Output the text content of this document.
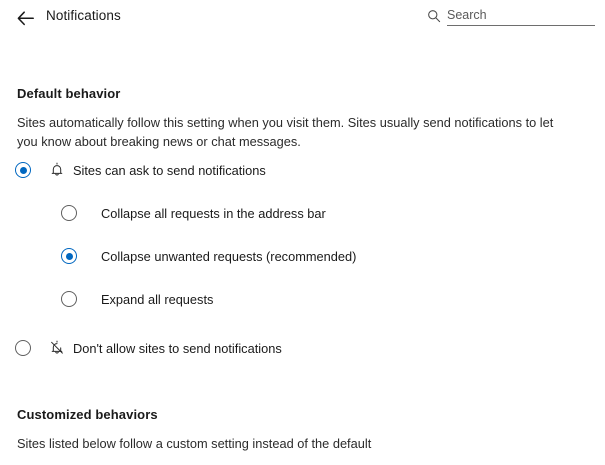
Notifications
Search
Default behavior
Sites automatically follow this setting when you visit them. Sites usually send notifications to let you know about breaking news or chat messages.
Sites can ask to send notifications
Collapse all requests in the address bar
Collapse unwanted requests (recommended)
Expand all requests
Don't allow sites to send notifications
Customized behaviors
Sites listed below follow a custom setting instead of the default
